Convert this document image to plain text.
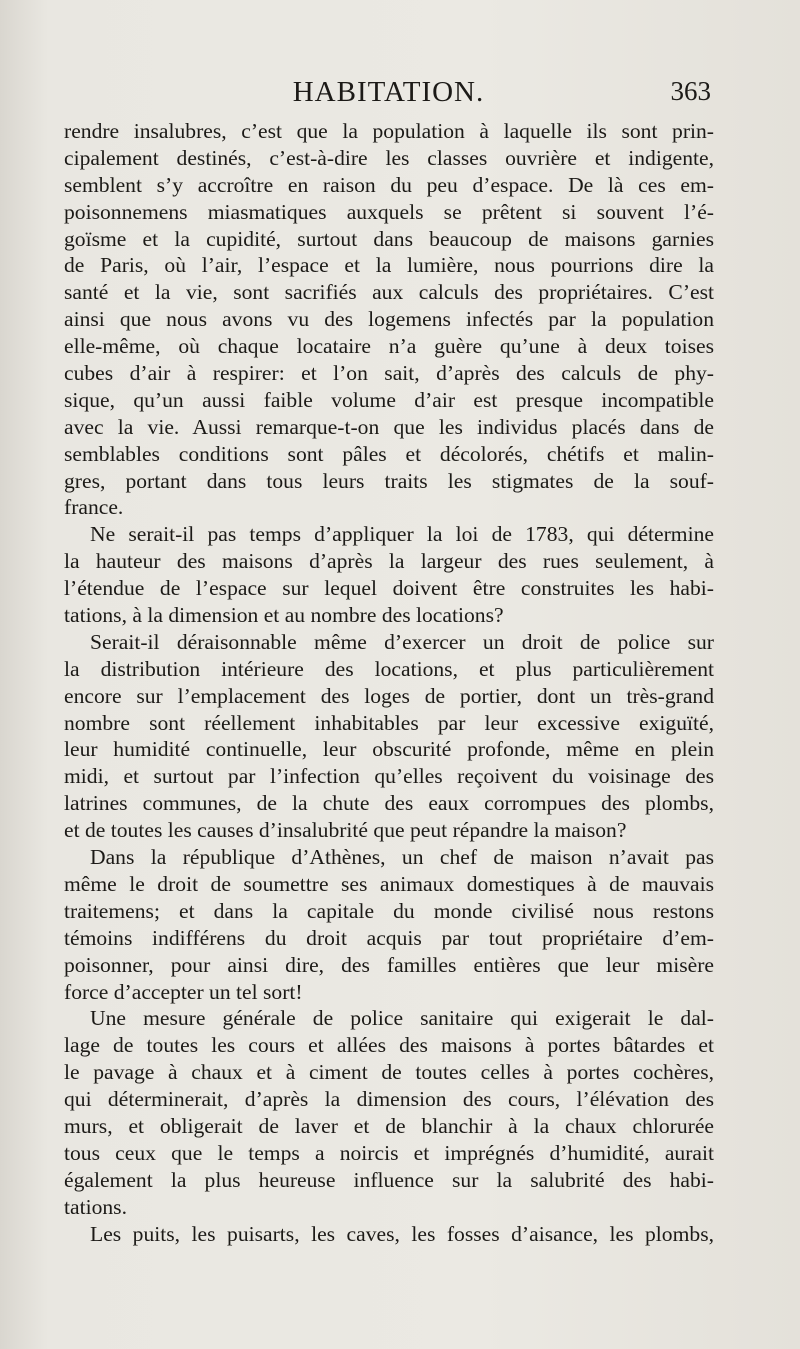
HABITATION.	363
rendre insalubres, c’est que la population à laquelle ils sont prin-
cipalement destinés, c’est-à-dire les classes ouvrière et indigente,
semblent s’y accroître en raison du peu d’espace. De là ces em-
poisonnemens miasmatiques auxquels se prêtent si souvent l’é-
goïsme et la cupidité, surtout dans beaucoup de maisons garnies
de Paris, où l’air, l’espace et la lumière, nous pourrions dire la
santé et la vie, sont sacrifiés aux calculs des propriétaires. C’est
ainsi que nous avons vu des logemens infectés par la population
elle-même, où chaque locataire n’a guère qu’une à deux toises
cubes d’air à respirer: et l’on sait, d’après des calculs de phy-
sique, qu’un aussi faible volume d’air est presque incompatible
avec la vie. Aussi remarque-t-on que les individus placés dans de
semblables conditions sont pâles et décolorés, chétifs et malin-
gres, portant dans tous leurs traits les stigmates de la souf-
france.
Ne serait-il pas temps d’appliquer la loi de 1783, qui détermine
la hauteur des maisons d’après la largeur des rues seulement, à
l’étendue de l’espace sur lequel doivent être construites les habi-
tations, à la dimension et au nombre des locations?
Serait-il déraisonnable même d’exercer un droit de police sur
la distribution intérieure des locations, et plus particulièrement
encore sur l’emplacement des loges de portier, dont un très-grand
nombre sont réellement inhabitables par leur excessive exiguïté,
leur humidité continuelle, leur obscurité profonde, même en plein
midi, et surtout par l’infection qu’elles reçoivent du voisinage des
latrines communes, de la chute des eaux corrompues des plombs,
et de toutes les causes d’insalubrité que peut répandre la maison?
Dans la république d’Athènes, un chef de maison n’avait pas
même le droit de soumettre ses animaux domestiques à de mauvais
traitemens; et dans la capitale du monde civilisé nous restons
témoins indifférens du droit acquis par tout propriétaire d’em-
poisonner, pour ainsi dire, des familles entières que leur misère
force d’accepter un tel sort!
Une mesure générale de police sanitaire qui exigerait le dal-
lage de toutes les cours et allées des maisons à portes bâtardes et
le pavage à chaux et à ciment de toutes celles à portes cochères,
qui déterminerait, d’après la dimension des cours, l’élévation des
murs, et obligerait de laver et de blanchir à la chaux chlorurée
tous ceux que le temps a noircis et imprégnés d’humidité, aurait
également la plus heureuse influence sur la salubrité des habi-
tations.
Les puits, les puisarts, les caves, les fosses d’aisance, les plombs,
